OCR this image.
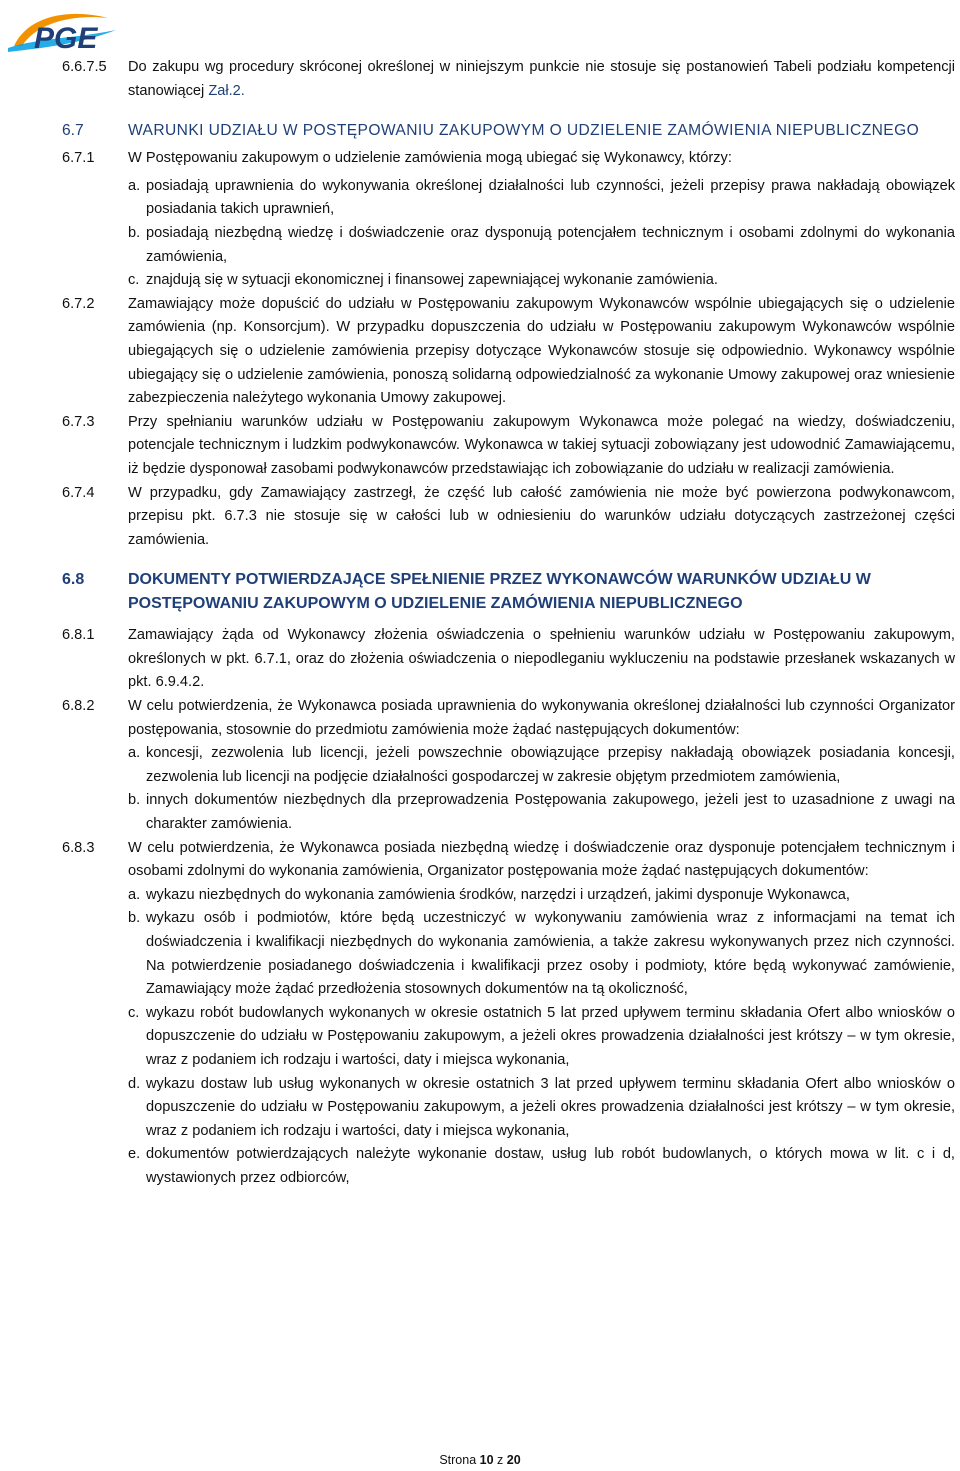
PGE
6.6.7.5	Do zakupu wg procedury skróconej określonej w niniejszym punkcie nie stosuje się postanowień Tabeli podziału kompetencji stanowiącej Zał.2.
6.7	WARUNKI UDZIAŁU W POSTĘPOWANIU ZAKUPOWYM O UDZIELENIE ZAMÓWIENIA NIEPUBLICZNEGO
6.7.1	W Postępowaniu zakupowym o udzielenie zamówienia mogą ubiegać się Wykonawcy, którzy:
a. posiadają uprawnienia do wykonywania określonej działalności lub czynności, jeżeli przepisy prawa nakładają obowiązek posiadania takich uprawnień,
b. posiadają niezbędną wiedzę i doświadczenie oraz dysponują potencjałem technicznym i osobami zdolnymi do wykonania zamówienia,
c. znajdują się w sytuacji ekonomicznej i finansowej zapewniającej wykonanie zamówienia.
6.7.2	Zamawiający może dopuścić do udziału w Postępowaniu zakupowym Wykonawców wspólnie ubiegających się o udzielenie zamówienia (np. Konsorcjum). W przypadku dopuszczenia do udziału w Postępowaniu zakupowym Wykonawców wspólnie ubiegających się o udzielenie zamówienia przepisy dotyczące Wykonawców stosuje się odpowiednio. Wykonawcy wspólnie ubiegający się o udzielenie zamówienia, ponoszą solidarną odpowiedzialność za wykonanie Umowy zakupowej oraz wniesienie zabezpieczenia należytego wykonania Umowy zakupowej.
6.7.3	Przy spełnianiu warunków udziału w Postępowaniu zakupowym Wykonawca może polegać na wiedzy, doświadczeniu, potencjale technicznym i ludzkim podwykonawców. Wykonawca w takiej sytuacji zobowiązany jest udowodnić Zamawiającemu, iż będzie dysponował zasobami podwykonawców przedstawiając ich zobowiązanie do udziału w realizacji zamówienia.
6.7.4	W przypadku, gdy Zamawiający zastrzegł, że część lub całość zamówienia nie może być powierzona podwykonawcom, przepisu pkt. 6.7.3 nie stosuje się w całości lub w odniesieniu do warunków udziału dotyczących zastrzeżonej części zamówienia.
6.8	DOKUMENTY POTWIERDZAJĄCE SPEŁNIENIE PRZEZ WYKONAWCÓW WARUNKÓW UDZIAŁU W POSTĘPOWANIU ZAKUPOWYM O UDZIELENIE ZAMÓWIENIA NIEPUBLICZNEGO
6.8.1	Zamawiający żąda od Wykonawcy złożenia oświadczenia o spełnieniu warunków udziału w Postępowaniu zakupowym, określonych w pkt. 6.7.1, oraz do złożenia oświadczenia o niepodleganiu wykluczeniu na podstawie przesłanek wskazanych w pkt. 6.9.4.2.
6.8.2	W celu potwierdzenia, że Wykonawca posiada uprawnienia do wykonywania określonej działalności lub czynności Organizator postępowania, stosownie do przedmiotu zamówienia może żądać następujących dokumentów:
a. koncesji, zezwolenia lub licencji, jeżeli powszechnie obowiązujące przepisy nakładają obowiązek posiadania koncesji, zezwolenia lub licencji na podjęcie działalności gospodarczej w zakresie objętym przedmiotem zamówienia,
b. innych dokumentów niezbędnych dla przeprowadzenia Postępowania zakupowego, jeżeli jest to uzasadnione z uwagi na charakter zamówienia.
6.8.3	W celu potwierdzenia, że Wykonawca posiada niezbędną wiedzę i doświadczenie oraz dysponuje potencjałem technicznym i osobami zdolnymi do wykonania zamówienia, Organizator postępowania może żądać następujących dokumentów:
a. wykazu niezbędnych do wykonania zamówienia środków, narzędzi i urządzeń, jakimi dysponuje Wykonawca,
b. wykazu osób i podmiotów, które będą uczestniczyć w wykonywaniu zamówienia wraz z informacjami na temat ich doświadczenia i kwalifikacji niezbędnych do wykonania zamówienia, a także zakresu wykonywanych przez nich czynności. Na potwierdzenie posiadanego doświadczenia i kwalifikacji przez osoby i podmioty, które będą wykonywać zamówienie, Zamawiający może żądać przedłożenia stosownych dokumentów na tą okoliczność,
c. wykazu robót budowlanych wykonanych w okresie ostatnich 5 lat przed upływem terminu składania Ofert albo wniosków o dopuszczenie do udziału w Postępowaniu zakupowym, a jeżeli okres prowadzenia działalności jest krótszy – w tym okresie, wraz z podaniem ich rodzaju i wartości, daty i miejsca wykonania,
d. wykazu dostaw lub usług wykonanych w okresie ostatnich 3 lat przed upływem terminu składania Ofert albo wniosków o dopuszczenie do udziału w Postępowaniu zakupowym, a jeżeli okres prowadzenia działalności jest krótszy – w tym okresie, wraz z podaniem ich rodzaju i wartości, daty i miejsca wykonania,
e. dokumentów potwierdzających należyte wykonanie dostaw, usług lub robót budowlanych, o których mowa w lit. c i d, wystawionych przez odbiorców,
Strona 10 z 20
